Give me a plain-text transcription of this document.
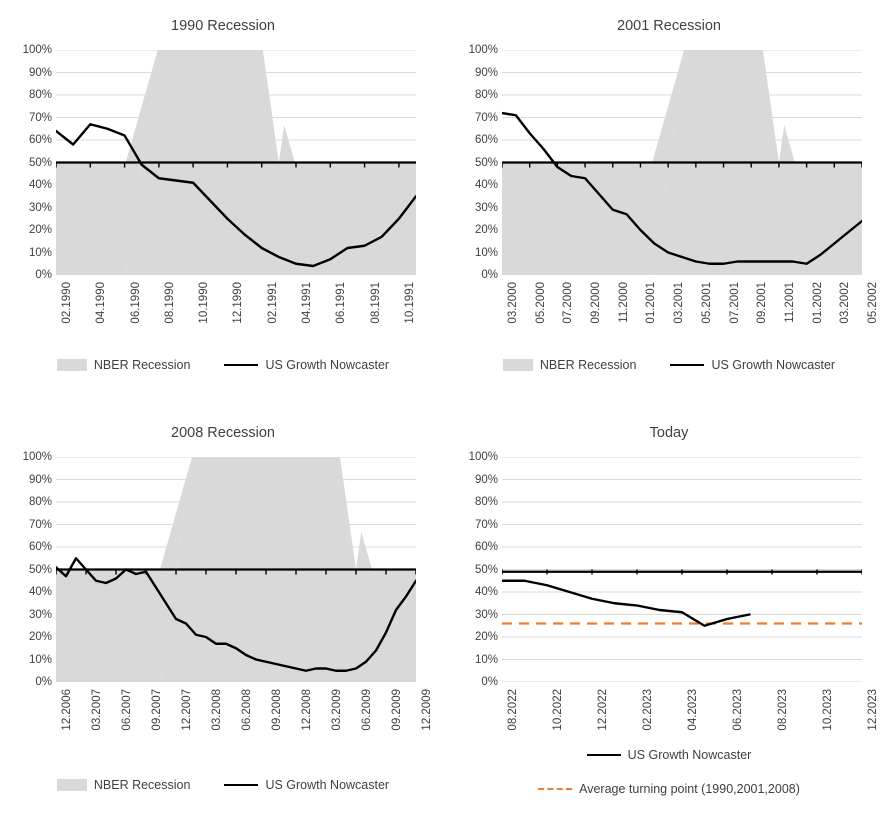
1990 Recession
0%
10%
20%
30%
40%
50%
60%
70%
80%
90%
100%
02.1990 04.1990 06.1990 08.1990 10.1990 12.1990 02.1991 04.1991 06.1991 08.1991 10.1991
NBER Recession	US Growth Nowcaster
2001 Recession
0%
10%
20%
30%
40%
50%
60%
70%
80%
90%
100%
03.2000 05.2000 07.2000 09.2000 11.2000 01.2001 03.2001 05.2001 07.2001 09.2001 11.2001 01.2002 03.2002 05.2002
NBER Recession	US Growth Nowcaster
2008 Recession
0%
10%
20%
30%
40%
50%
60%
70%
80%
90%
100%
12.2006 03.2007 06.2007 09.2007 12.2007 03.2008 06.2008 09.2008 12.2008 03.2009 06.2009 09.2009 12.2009
NBER Recession	US Growth Nowcaster
Today
0%
10%
20%
30%
40%
50%
60%
70%
80%
90%
100%
08.2022	10.2022	12.2022	02.2023	04.2023	06.2023	08.2023	10.2023	12.2023
US Growth Nowcaster
Average turning point (1990,2001,2008)
